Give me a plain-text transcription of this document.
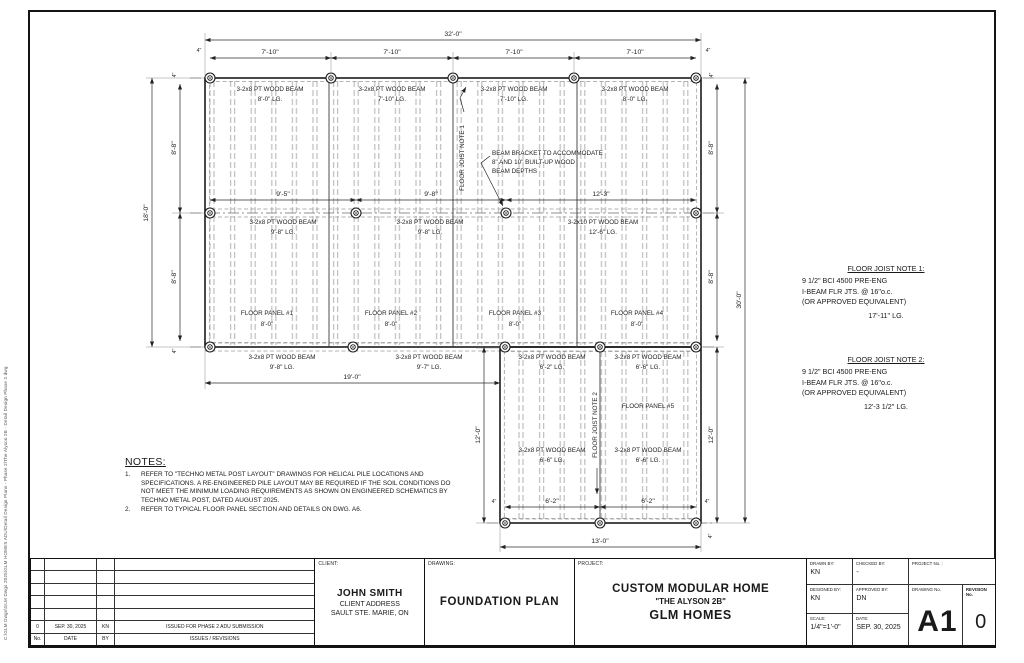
C:\GLM Dwgs\GLM Dwgs 2025\GLM HOMES ADU\Detail Design Plans - Phase 2\The Alyson 2B - Detail Design Phase 2.dwg
32'-0"
7'-10"	7'-10"	7'-10"	7'-10"
4"	4"
9'-5"	9'-8"	12'-3"
18'-0"
8'-8"
8'-8"
4"
4"
8'-8"
8'-8"
4"
30'-0"
12'-0"
12'-0"
19'-0"
6'-2"	6'-2"
4"	4"
4"
13'-0"
3-2x8 PT WOOD BEAM
8'-0" LG.
3-2x8 PT WOOD BEAM
7'-10" LG.
3-2x8 PT WOOD BEAM
7'-10" LG.
3-2x8 PT WOOD BEAM
8'-0" LG.
3-2x8 PT WOOD BEAM
9'-8" LG.
3-2x8 PT WOOD BEAM
9'-8" LG.
3-2x10 PT WOOD BEAM
12'-6" LG.
3-2x8 PT WOOD BEAM
9'-8" LG.
3-2x8 PT WOOD BEAM
9'-7" LG.
3-2x8 PT WOOD BEAM
6'-2" LG.
3-2x8 PT WOOD BEAM
6'-6" LG.
3-2x8 PT WOOD BEAM
6'-6" LG.
3-2x8 PT WOOD BEAM
6'-6" LG.
FLOOR PANEL #1
8'-0"
FLOOR PANEL #2
8'-0"
FLOOR PANEL #3
8'-0"
FLOOR PANEL #4
8'-0"
FLOOR PANEL #5
FLOOR JOIST NOTE 1
FLOOR JOIST NOTE 2
BEAM BRACKET TO ACCOMMODATE
8" AND 10" BUILT-UP WOOD
BEAM DEPTHS
NOTES:
1.	REFER TO "TECHNO METAL POST LAYOUT" DRAWINGS FOR HELICAL PILE LOCATIONS AND SPECIFICATIONS. A RE-ENGINEERED PILE LAYOUT MAY BE REQUIRED IF THE SOIL CONDITIONS DO NOT MEET THE MINIMUM LOADING REQUIREMENTS AS SHOWN ON ENGINEERED SCHEMATICS BY TECHNO METAL POST, DATED AUGUST 2025.
2.	REFER TO TYPICAL FLOOR PANEL SECTION AND DETAILS ON DWG. A6.
FLOOR JOIST NOTE 1:
9 1/2" BCI 4500 PRE-ENG
I-BEAM FLR JTS. @ 16"o.c.
(OR APPROVED EQUIVALENT)
17'-11" LG.
FLOOR JOIST NOTE 2:
9 1/2" BCI 4500 PRE-ENG
I-BEAM FLR JTS. @ 16"o.c.
(OR APPROVED EQUIVALENT)
12'-3 1/2" LG.
0	SEP. 30, 2025	KN	ISSUED FOR PHASE 2 ADU SUBMISSION
No.	DATE	BY	ISSUES / REVISIONS
CLIENT:
JOHN SMITH
CLIENT ADDRESS
SAULT STE. MARIE, ON
DRAWING:
FOUNDATION PLAN
PROJECT:
CUSTOM MODULAR HOME
"THE ALYSON 2B"
GLM HOMES
DRAWN BY:
KN
CHECKED BY:
-
PROJECT No. :
DESIGNED BY:
KN
APPROVED BY:
DN
DRAWING No.
A1
REVISION No.
0
SCALE:
1/4"=1'-0"
DATE:
SEP. 30, 2025
